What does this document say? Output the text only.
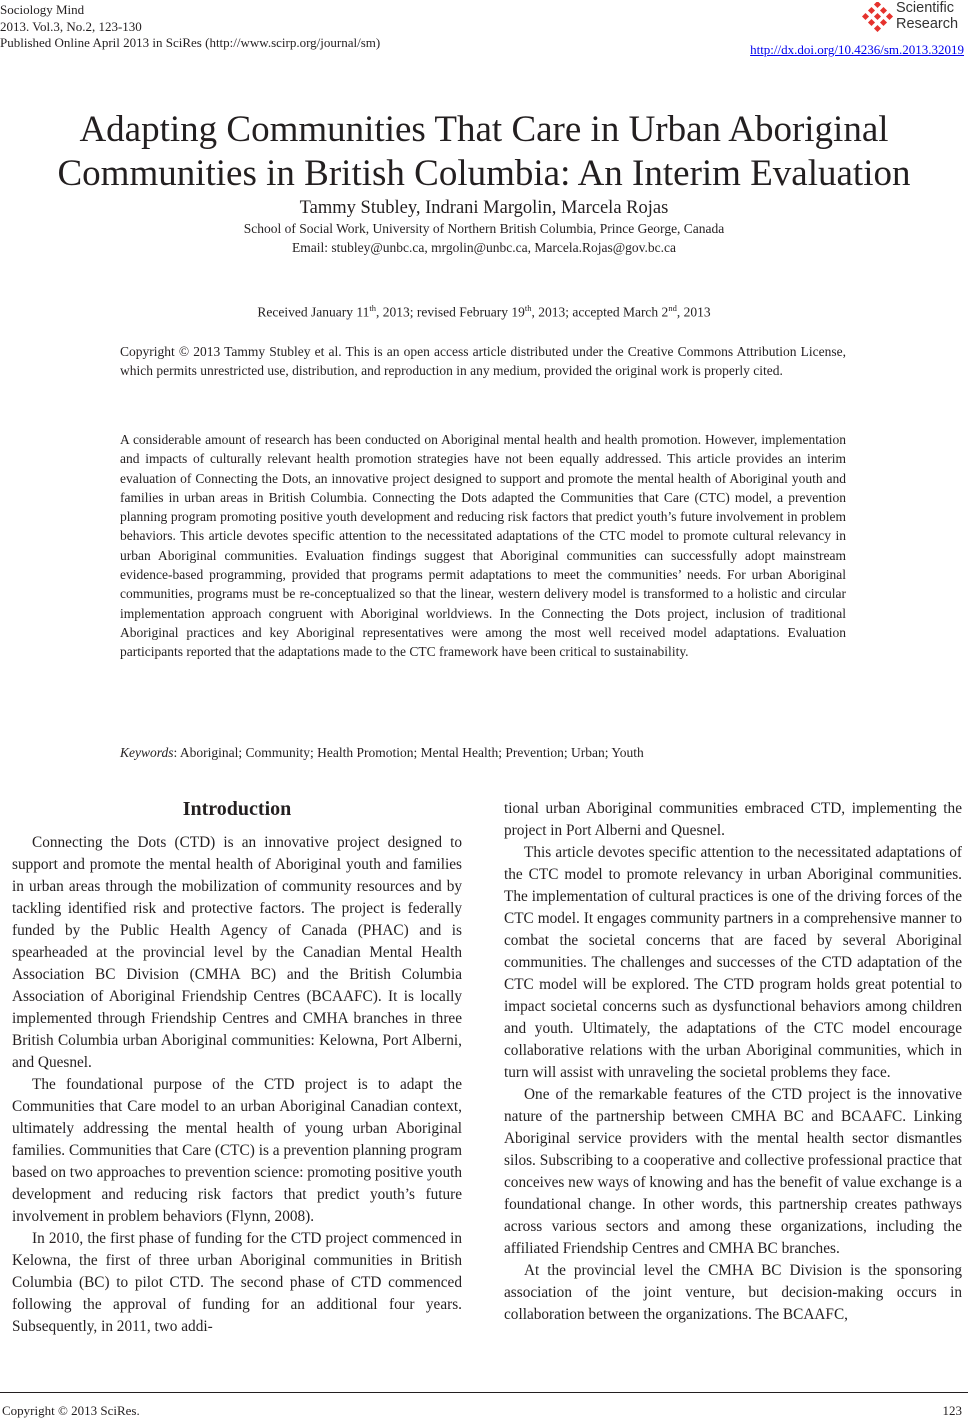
Sociology Mind
2013. Vol.3, No.2, 123-130
Published Online April 2013 in SciRes (http://www.scirp.org/journal/sm)
Scientific
Research
http://dx.doi.org/10.4236/sm.2013.32019
Adapting Communities That Care in Urban Aboriginal Communities in British Columbia: An Interim Evaluation
Tammy Stubley, Indrani Margolin, Marcela Rojas
School of Social Work, University of Northern British Columbia, Prince George, Canada
Email: stubley@unbc.ca, mrgolin@unbc.ca, Marcela.Rojas@gov.bc.ca
Received January 11th, 2013; revised February 19th, 2013; accepted March 2nd, 2013
Copyright © 2013 Tammy Stubley et al. This is an open access article distributed under the Creative Commons Attribution License, which permits unrestricted use, distribution, and reproduction in any medium, provided the original work is properly cited.
A considerable amount of research has been conducted on Aboriginal mental health and health promotion. However, implementation and impacts of culturally relevant health promotion strategies have not been equally addressed. This article provides an interim evaluation of Connecting the Dots, an innovative project designed to support and promote the mental health of Aboriginal youth and families in urban areas in British Columbia. Connecting the Dots adapted the Communities that Care (CTC) model, a prevention planning program promoting positive youth development and reducing risk factors that predict youth’s future involvement in problem behaviors. This article devotes specific attention to the necessitated adaptations of the CTC model to promote cultural relevancy in urban Aboriginal communities. Evaluation findings suggest that Aboriginal communities can successfully adopt mainstream evidence-based programming, provided that programs permit adaptations to meet the communities’ needs. For urban Aboriginal communities, programs must be re-conceptualized so that the linear, western delivery model is transformed to a holistic and circular implementation approach congruent with Aboriginal worldviews. In the Connecting the Dots project, inclusion of traditional Aboriginal practices and key Aboriginal representatives were among the most well received model adaptations. Evaluation participants reported that the adaptations made to the CTC framework have been critical to sustainability.
Keywords: Aboriginal; Community; Health Promotion; Mental Health; Prevention; Urban; Youth
Introduction

Connecting the Dots (CTD) is an innovative project designed to support and promote the mental health of Aboriginal youth and families in urban areas through the mobilization of community resources and by tackling identified risk and protective factors. The project is federally funded by the Public Health Agency of Canada (PHAC) and is spearheaded at the provincial level by the Canadian Mental Health Association BC Division (CMHA BC) and the British Columbia Association of Aboriginal Friendship Centres (BCAAFC). It is locally implemented through Friendship Centres and CMHA branches in three British Columbia urban Aboriginal communities: Kelowna, Port Alberni, and Quesnel.

The foundational purpose of the CTD project is to adapt the Communities that Care model to an urban Aboriginal Canadian context, ultimately addressing the mental health of young urban Aboriginal families. Communities that Care (CTC) is a prevention planning program based on two approaches to prevention science: promoting positive youth development and reducing risk factors that predict youth’s future involvement in problem behaviors (Flynn, 2008).

In 2010, the first phase of funding for the CTD project commenced in Kelowna, the first of three urban Aboriginal communities in British Columbia (BC) to pilot CTD. The second phase of CTD commenced following the approval of funding for an additional four years. Subsequently, in 2011, two addi-

tional urban Aboriginal communities embraced CTD, implementing the project in Port Alberni and Quesnel.

This article devotes specific attention to the necessitated adaptations of the CTC model to promote relevancy in urban Aboriginal communities. The implementation of cultural practices is one of the driving forces of the CTC model. It engages community partners in a comprehensive manner to combat the societal concerns that are faced by several Aboriginal communities. The challenges and successes of the CTD adaptation of the CTC model will be explored. The CTD program holds great potential to impact societal concerns such as dysfunctional behaviors among children and youth. Ultimately, the adaptations of the CTC model encourage collaborative relations with the urban Aboriginal communities, which in turn will assist with unraveling the societal problems they face.

One of the remarkable features of the CTD project is the innovative nature of the partnership between CMHA BC and BCAAFC. Linking Aboriginal service providers with the mental health sector dismantles silos. Subscribing to a cooperative and collective professional practice that conceives new ways of knowing and has the benefit of value exchange is a foundational change. In other words, this partnership creates pathways across various sectors and among these organizations, including the affiliated Friendship Centres and CMHA BC branches.

At the provincial level the CMHA BC Division is the sponsoring association of the joint venture, but decision-making occurs in collaboration between the organizations. The BCAAFC,

Copyright © 2013 SciRes.	123
